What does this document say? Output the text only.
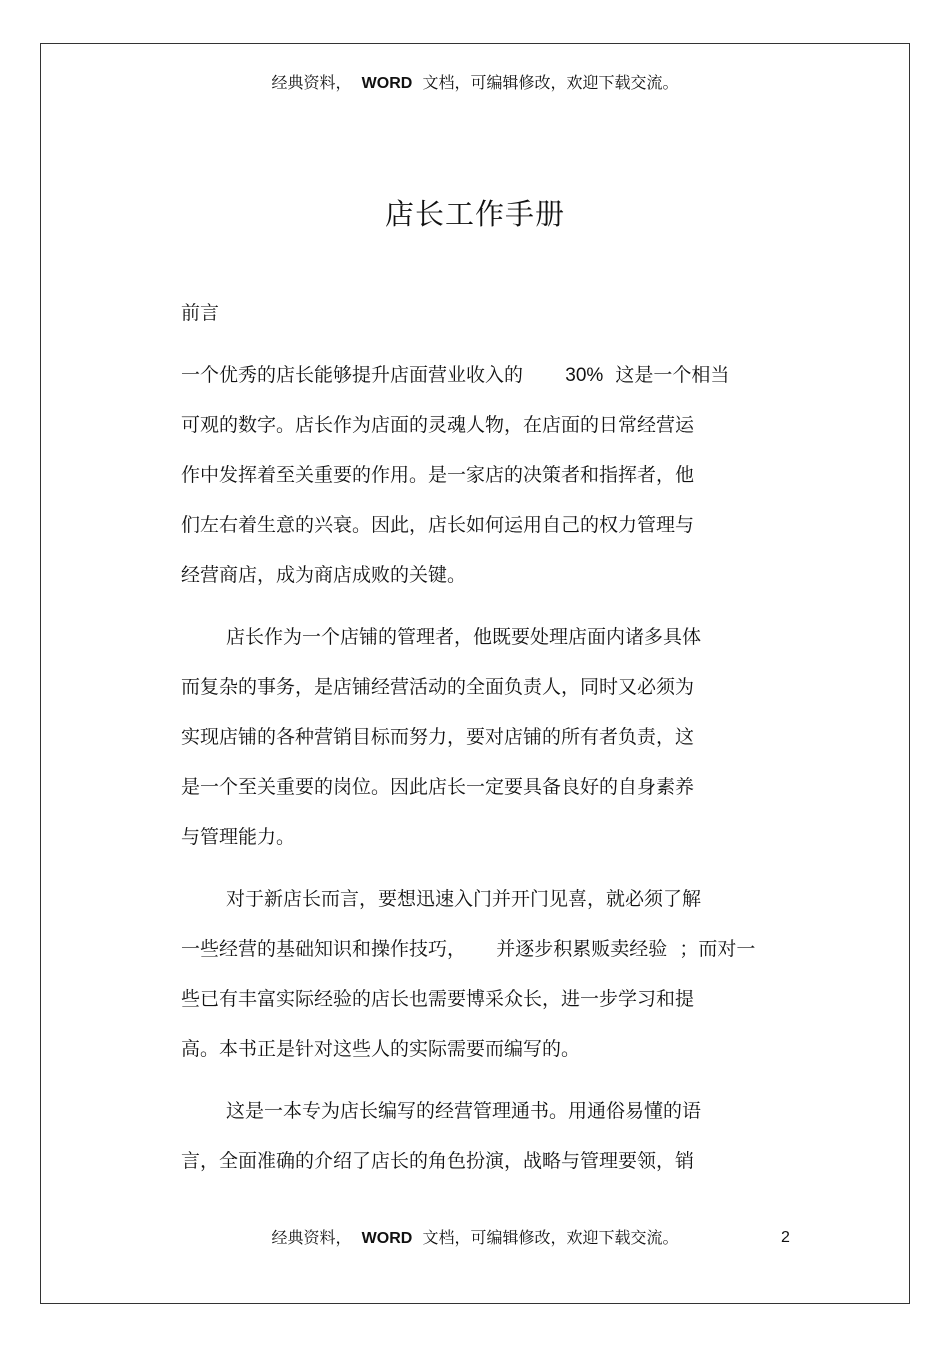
经典资料， WORD 文档，可编辑修改，欢迎下载交流。
店长工作手册
前言
一个优秀的店长能够提升店面营业收入的 30% 这是一个相当
可观的数字。店长作为店面的灵魂人物，在店面的日常经营运
作中发挥着至关重要的作用。是一家店的决策者和指挥者，他
们左右着生意的兴衰。因此，店长如何运用自己的权力管理与
经营商店，成为商店成败的关键。
店长作为一个店铺的管理者，他既要处理店面内诸多具体
而复杂的事务，是店铺经营活动的全面负责人，同时又必须为
实现店铺的各种营销目标而努力，要对店铺的所有者负责，这
是一个至关重要的岗位。因此店长一定要具备良好的自身素养
与管理能力。
对于新店长而言，要想迅速入门并开门见喜，就必须了解
一些经营的基础知识和操作技巧， 并逐步积累贩卖经验 ；而对一
些已有丰富实际经验的店长也需要博采众长，进一步学习和提
高。本书正是针对这些人的实际需要而编写的。
这是一本专为店长编写的经营管理通书。用通俗易懂的语
言，全面准确的介绍了店长的角色扮演，战略与管理要领，销
经典资料， WORD 文档，可编辑修改，欢迎下载交流。	2
